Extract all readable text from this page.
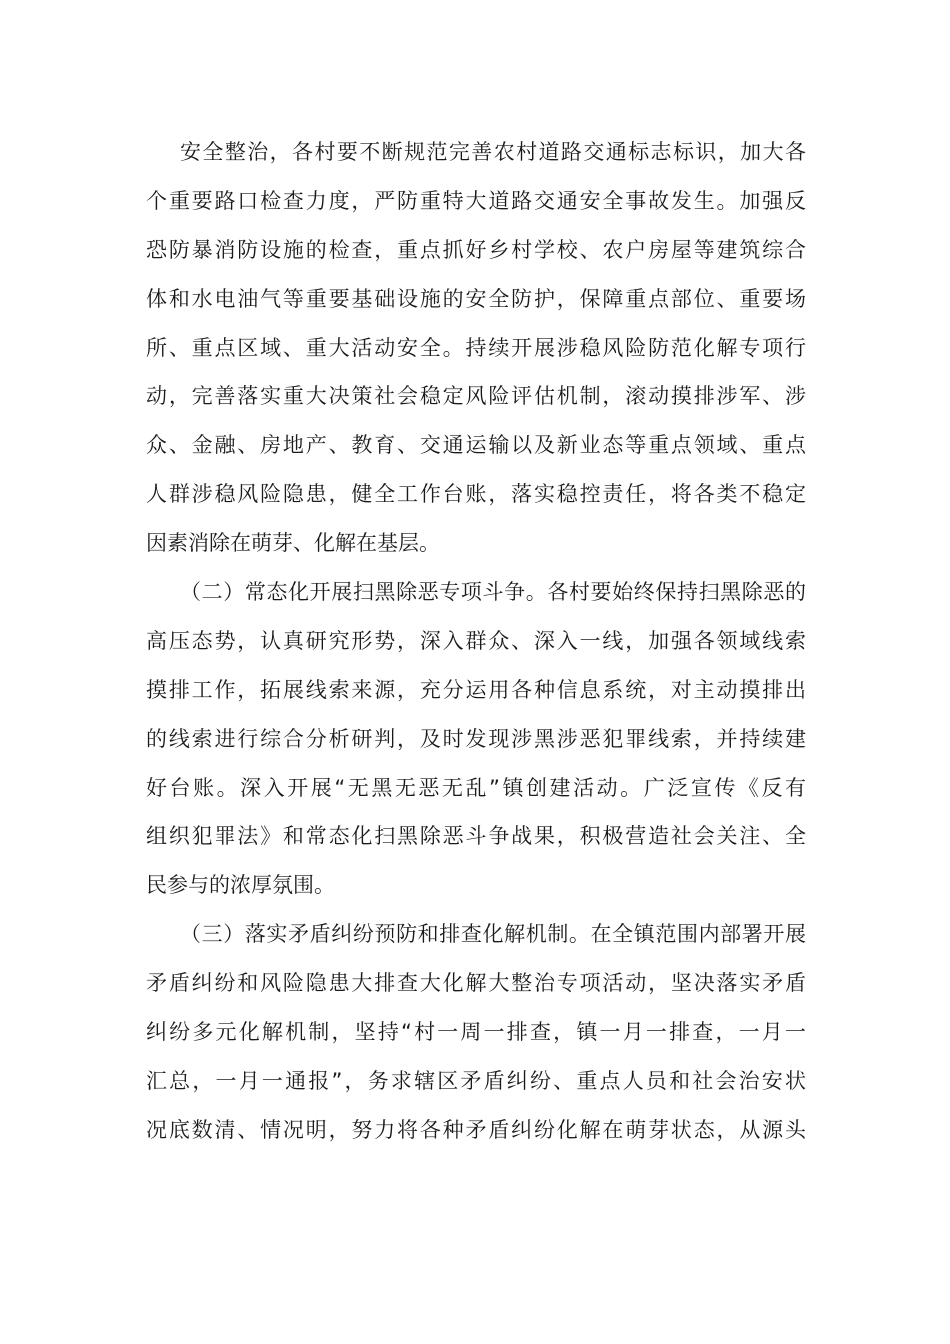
安全整治，各村要不断规范完善农村道路交通标志标识，加大各
个重要路口检查力度，严防重特大道路交通安全事故发生。加强反
恐防暴消防设施的检查，重点抓好乡村学校、农户房屋等建筑综合
体和水电油气等重要基础设施的安全防护，保障重点部位、重要场
所、重点区域、重大活动安全。持续开展涉稳风险防范化解专项行
动，完善落实重大决策社会稳定风险评估机制，滚动摸排涉军、涉
众、金融、房地产、教育、交通运输以及新业态等重点领域、重点
人群涉稳风险隐患，健全工作台账，落实稳控责任，将各类不稳定
因素消除在萌芽、化解在基层。
（二）常态化开展扫黑除恶专项斗争。各村要始终保持扫黑除恶的
高压态势，认真研究形势，深入群众、深入一线，加强各领域线索
摸排工作，拓展线索来源，充分运用各种信息系统，对主动摸排出
的线索进行综合分析研判，及时发现涉黑涉恶犯罪线索，并持续建
好台账。深入开展“无黑无恶无乱”镇创建活动。广泛宣传《反有
组织犯罪法》和常态化扫黑除恶斗争战果，积极营造社会关注、全
民参与的浓厚氛围。
（三）落实矛盾纠纷预防和排查化解机制。在全镇范围内部署开展
矛盾纠纷和风险隐患大排查大化解大整治专项活动，坚决落实矛盾
纠纷多元化解机制，坚持“村一周一排查，镇一月一排查，一月一
汇总，一月一通报”，务求辖区矛盾纠纷、重点人员和社会治安状
况底数清、情况明，努力将各种矛盾纠纷化解在萌芽状态，从源头
